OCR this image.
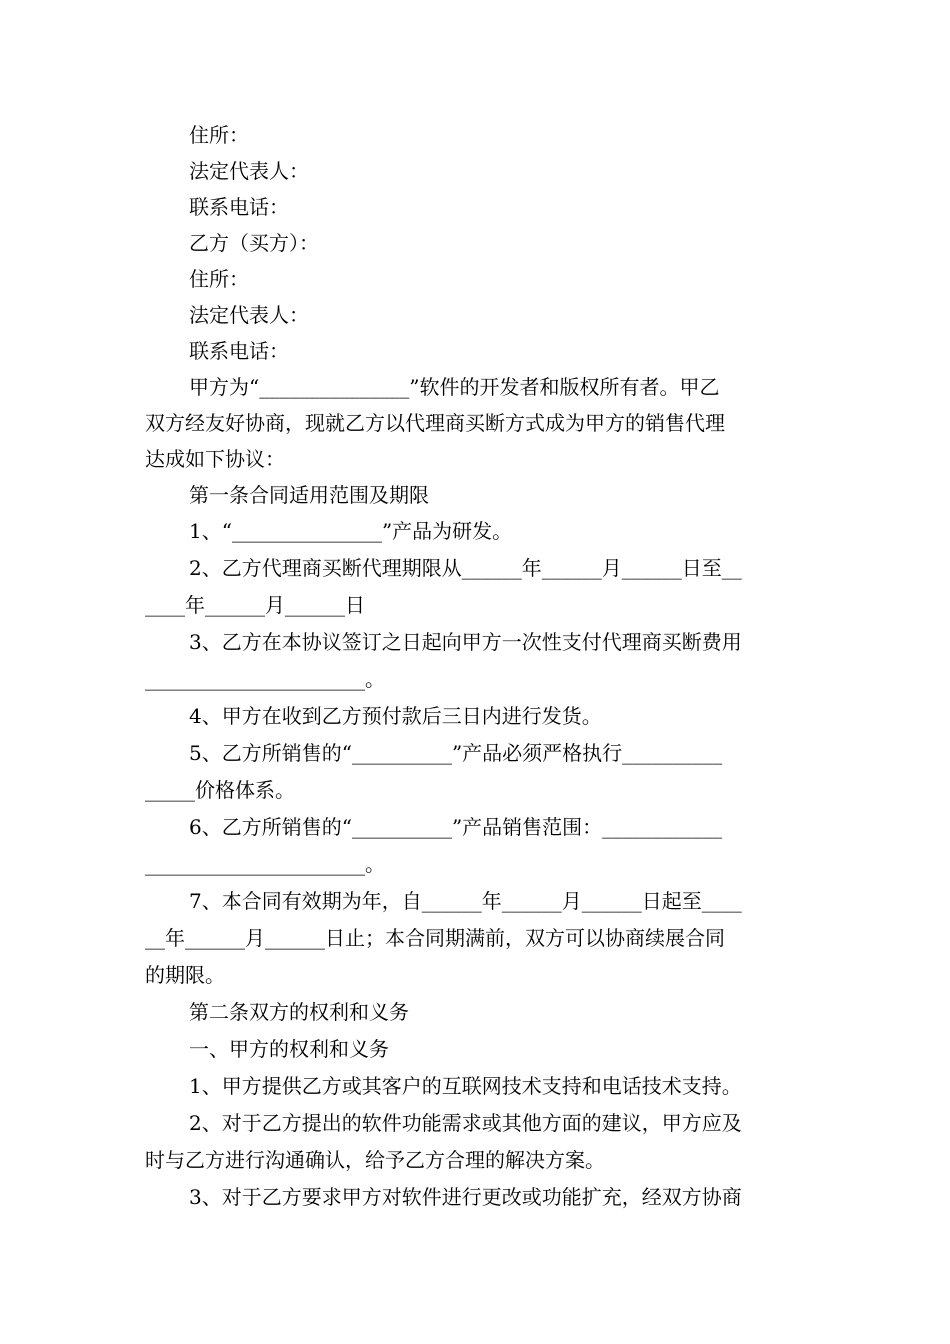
住所：
法定代表人：
联系电话：
乙方（买方）：
住所：
法定代表人：
联系电话：
甲方为“_______________”软件的开发者和版权所有者。甲乙
双方经友好协商，现就乙方以代理商买断方式成为甲方的销售代理
达成如下协议：
第一条合同适用范围及期限
1、“_______________”产品为研发。
2、乙方代理商买断代理期限从______年______月______日至__
____年______月______日
3、乙方在本协议签订之日起向甲方一次性支付代理商买断费用
______________________。
4、甲方在收到乙方预付款后三日内进行发货。
5、乙方所销售的“__________”产品必须严格执行__________
_____价格体系。
6、乙方所销售的“__________”产品销售范围：____________
______________________。
7、本合同有效期为年，自______年______月______日起至____
__年______月______日止；本合同期满前，双方可以协商续展合同
的期限。
第二条双方的权利和义务
一、甲方的权利和义务
1、甲方提供乙方或其客户的互联网技术支持和电话技术支持。
2、对于乙方提出的软件功能需求或其他方面的建议，甲方应及
时与乙方进行沟通确认，给予乙方合理的解决方案。
3、对于乙方要求甲方对软件进行更改或功能扩充，经双方协商
